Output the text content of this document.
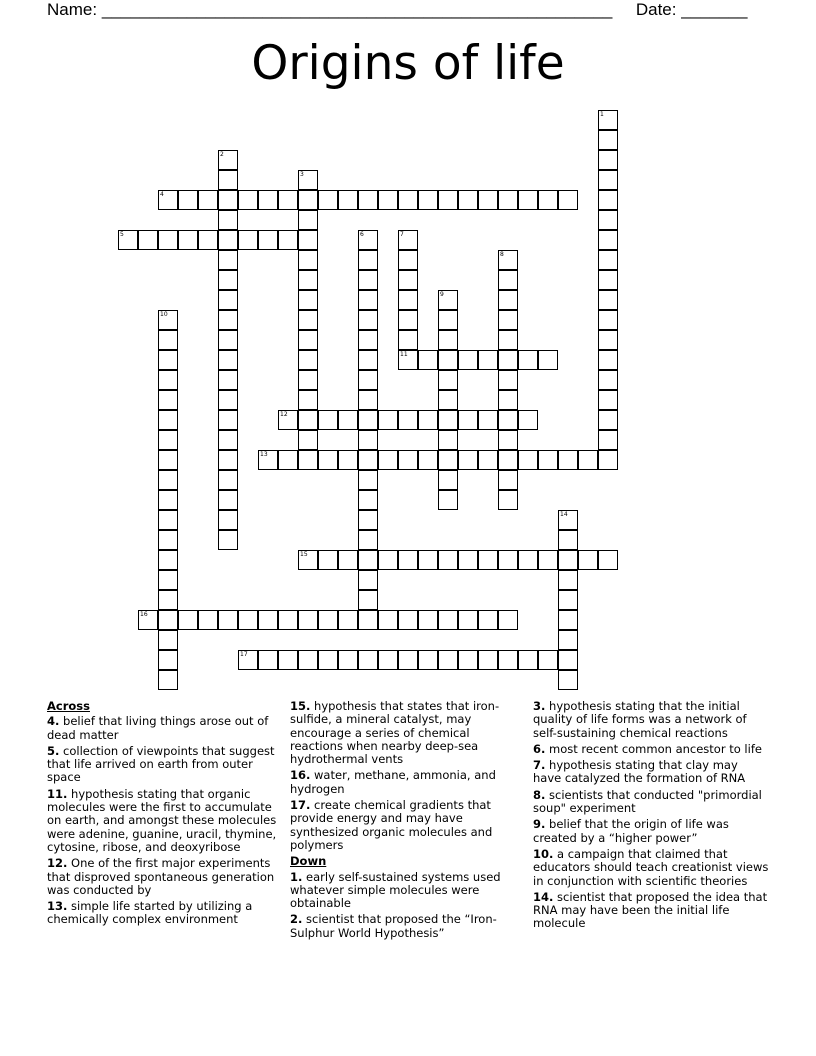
Name: ______________________________________________________ Date: _______
Origins of life
4
5
11
12
13
15
16
17
1
2
3
6	7
8
9
10
14
Across
4. belief that living things arose out of dead matter
5. collection of viewpoints that suggest that life arrived on earth from outer space
11. hypothesis stating that organic molecules were the first to accumulate on earth, and amongst these molecules were adenine, guanine, uracil, thymine, cytosine, ribose, and deoxyribose
12. One of the first major experiments that disproved spontaneous generation was conducted by
13. simple life started by utilizing a chemically complex environment
15. hypothesis that states that iron-sulfide, a mineral catalyst, may encourage a series of chemical reactions when nearby deep-sea hydrothermal vents
16. water, methane, ammonia, and hydrogen
17. create chemical gradients that provide energy and may have synthesized organic molecules and polymers
Down
1. early self-sustained systems used whatever simple molecules were obtainable
2. scientist that proposed the “Iron-Sulphur World Hypothesis”
3. hypothesis stating that the initial quality of life forms was a network of self-sustaining chemical reactions
6. most recent common ancestor to life
7. hypothesis stating that clay may have catalyzed the formation of RNA
8. scientists that conducted "primordial soup" experiment
9. belief that the origin of life was created by a “higher power”
10. a campaign that claimed that educators should teach creationist views in conjunction with scientific theories
14. scientist that proposed the idea that RNA may have been the initial life molecule
